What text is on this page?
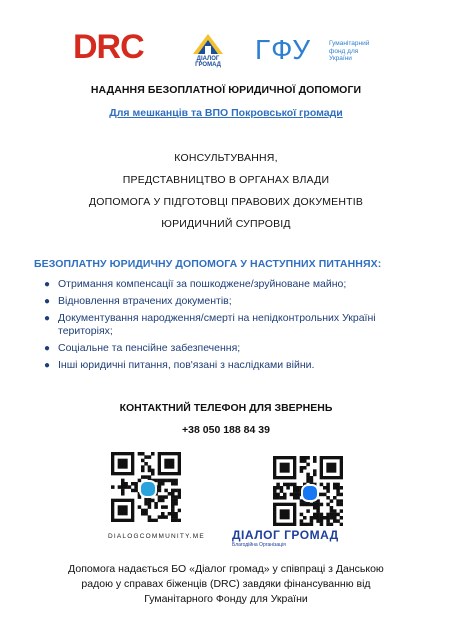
DRC	ДІАЛОГ ГРОМАД	ГФУ	Гуманітарний
фонд для
України
НАДАННЯ БЕЗОПЛАТНОЇ ЮРИДИЧНОЇ ДОПОМОГИ
Для мешканців та ВПО Покровської громади
КОНСУЛЬТУВАННЯ,
ПРЕДСТАВНИЦТВО В ОРГАНАХ ВЛАДИ
ДОПОМОГА У ПІДГОТОВЦІ ПРАВОВИХ ДОКУМЕНТІВ
ЮРИДИЧНИЙ СУПРОВІД
БЕЗОПЛАТНУ ЮРИДИЧНУ ДОПОМОГА У НАСТУПНИХ ПИТАННЯХ:
● Отримання компенсації за пошкоджене/зруйноване майно;
● Відновлення втрачених документів;
● Документування народження/смерті на непідконтрольних Україні територіях;
● Соціальне та пенсійне забезпечення;
● Інші юридичні питання, пов'язані з наслідками війни.
КОНТАКТНИЙ ТЕЛЕФОН ДЛЯ ЗВЕРНЕНЬ
+38 050 188 84 39
DIALOGCOMMUNITY.ME ДІАЛОГ ГРОМАД
Благодійна Організація
Допомога надається БО «Діалог громад» у співпраці з Данською
радою у справах біженців (DRC) завдяки фінансуванню від
Гуманітарного Фонду для України
